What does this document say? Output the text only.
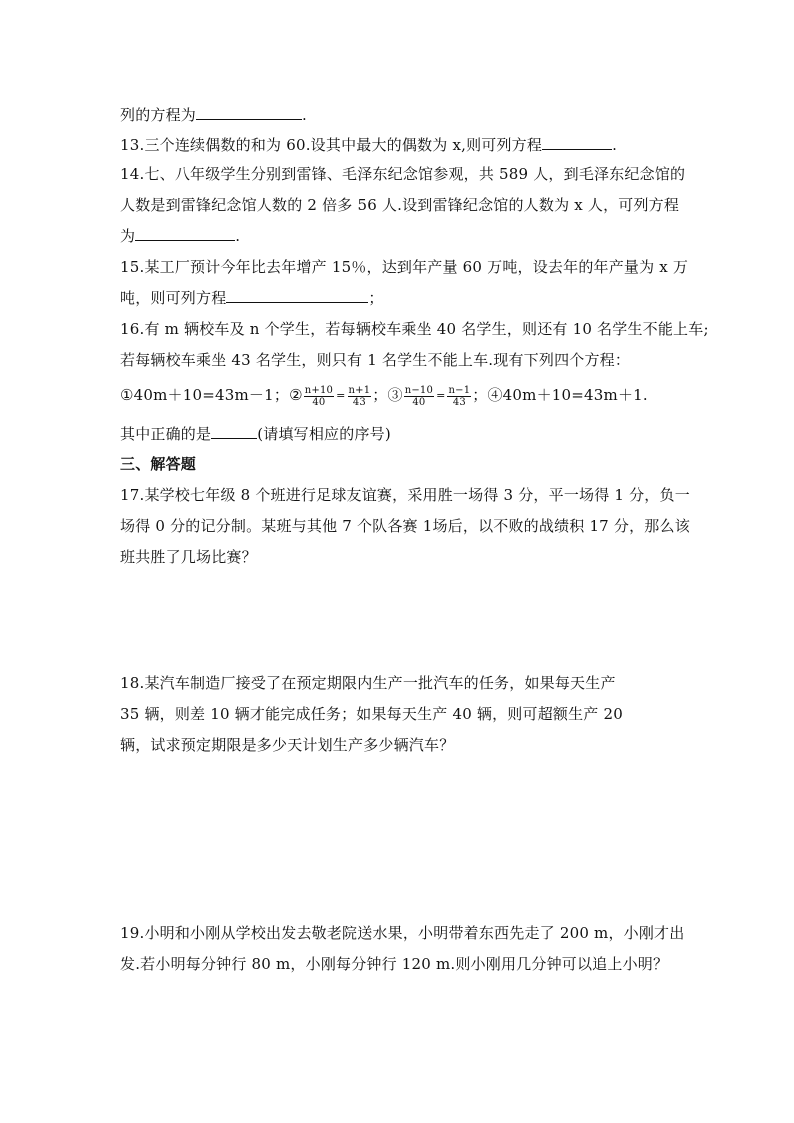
列的方程为	.
13.三个连续偶数的和为 60.设其中最大的偶数为 x,则可列方程	.
14.七、八年级学生分别到雷锋、毛泽东纪念馆参观，共 589 人，到毛泽东纪念馆的
人数是到雷锋纪念馆人数的 2 倍多 56 人.设到雷锋纪念馆的人数为 x 人，可列方程
为	.
15.某工厂预计今年比去年增产 15％，达到年产量 60 万吨，设去年的年产量为 x 万
吨，则可列方程	；
16.有 m 辆校车及 n 个学生，若每辆校车乘坐 40 名学生，则还有 10 名学生不能上车;
若每辆校车乘坐 43 名学生，则只有 1 名学生不能上车.现有下列四个方程：
①40m＋10=43m－1；② $\frac{n+10}{40} = \frac{n+1}{43}$ ；③ $\frac{n-10}{40} = \frac{n-1}{43}$ ；④40m＋10=43m＋1.
其中正确的是	(请填写相应的序号)
三、解答题
17.某学校七年级 8 个班进行足球友谊赛，采用胜一场得 3 分，平一场得 1 分，负一
场得 0 分的记分制。某班与其他 7 个队各赛 1场后，以不败的战绩积 17 分，那么该
班共胜了几场比赛？
18.某汽车制造厂接受了在预定期限内生产一批汽车的任务，如果每天生产
35 辆，则差 10 辆才能完成任务；如果每天生产 40 辆，则可超额生产 20
辆，试求预定期限是多少天计划生产多少辆汽车？
19.小明和小刚从学校出发去敬老院送水果，小明带着东西先走了 200 m，小刚才出
发.若小明每分钟行 80 m，小刚每分钟行 120 m.则小刚用几分钟可以追上小明？
